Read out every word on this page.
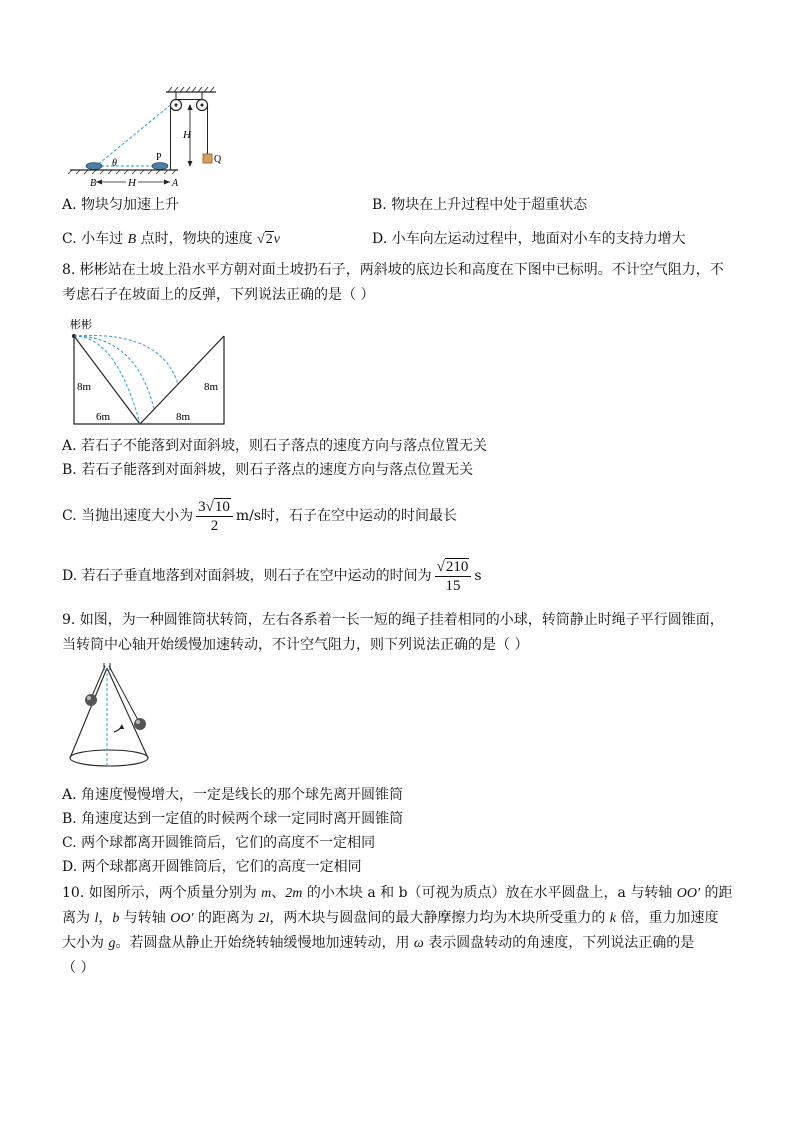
H
Q
θ
P
H
B	A
A. 物块匀加速上升	B. 物块在上升过程中处于超重状态
C. 小车过 B 点时，物块的速度 √2v	D. 小车向左运动过程中，地面对小车的支持力增大
8. 彬彬站在土坡上沿水平方朝对面土坡扔石子，两斜坡的底边长和高度在下图中已标明。不计空气阻力，不
考虑石子在坡面上的反弹，下列说法正确的是（ ）
彬彬
8m	8m
6m	8m
A. 若石子不能落到对面斜坡，则石子落点的速度方向与落点位置无关
B. 若石子能落到对面斜坡，则石子落点的速度方向与落点位置无关
C. 当抛出速度大小为 $\frac{3√10}{2} m/s$时，石子在空中运动的时间最长
D. 若石子垂直地落到对面斜坡，则石子在空中运动的时间为 $\frac{√210}{15}$ s
9. 如图，为一种圆锥筒状转筒，左右各系着一长一短的绳子挂着相同的小球，转筒静止时绳子平行圆锥面，
当转筒中心轴开始缓慢加速转动，不计空气阻力，则下列说法正确的是（ ）
A. 角速度慢慢增大，一定是线长的那个球先离开圆锥筒
B. 角速度达到一定值的时候两个球一定同时离开圆锥筒
C. 两个球都离开圆锥筒后，它们的高度不一定相同
D. 两个球都离开圆锥筒后，它们的高度一定相同
10. 如图所示，两个质量分别为 m、2m 的小木块 a 和 b（可视为质点）放在水平圆盘上，a 与转轴 OO′ 的距
离为 l，b 与转轴 OO′ 的距离为 2l，两木块与圆盘间的最大静摩擦力均为木块所受重力的 k 倍，重力加速度
大小为 g。若圆盘从静止开始绕转轴缓慢地加速转动，用 ω 表示圆盘转动的角速度，下列说法正确的是
（ ）
